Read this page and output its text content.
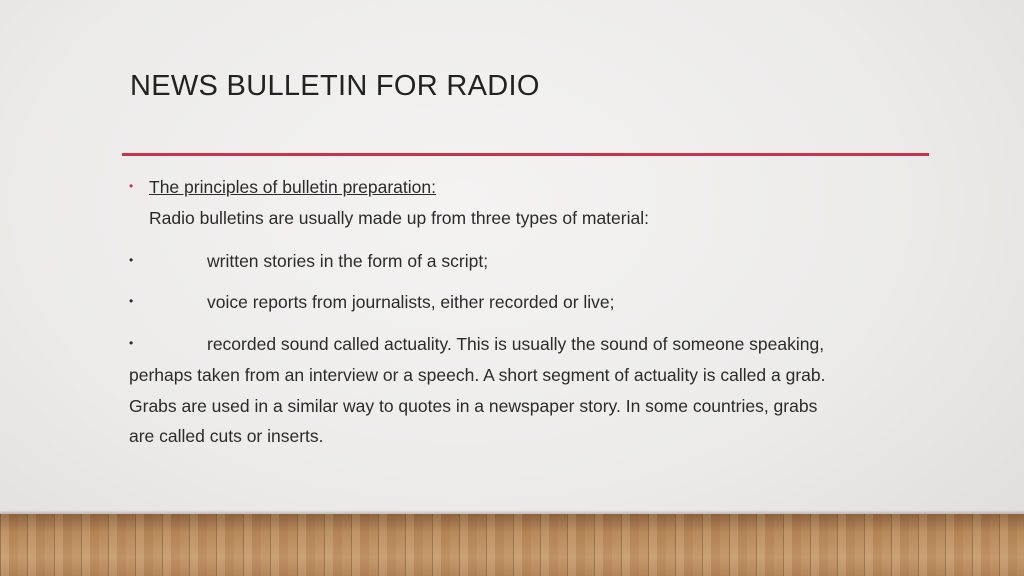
NEWS BULLETIN FOR RADIO
• The principles of bulletin preparation:
Radio bulletins are usually made up from three types of material:
•	written stories in the form of a script;
•	voice reports from journalists, either recorded or live;
•	recorded sound called actuality. This is usually the sound of someone speaking,
perhaps taken from an interview or a speech. A short segment of actuality is called a grab.
Grabs are used in a similar way to quotes in a newspaper story. In some countries, grabs
are called cuts or inserts.
